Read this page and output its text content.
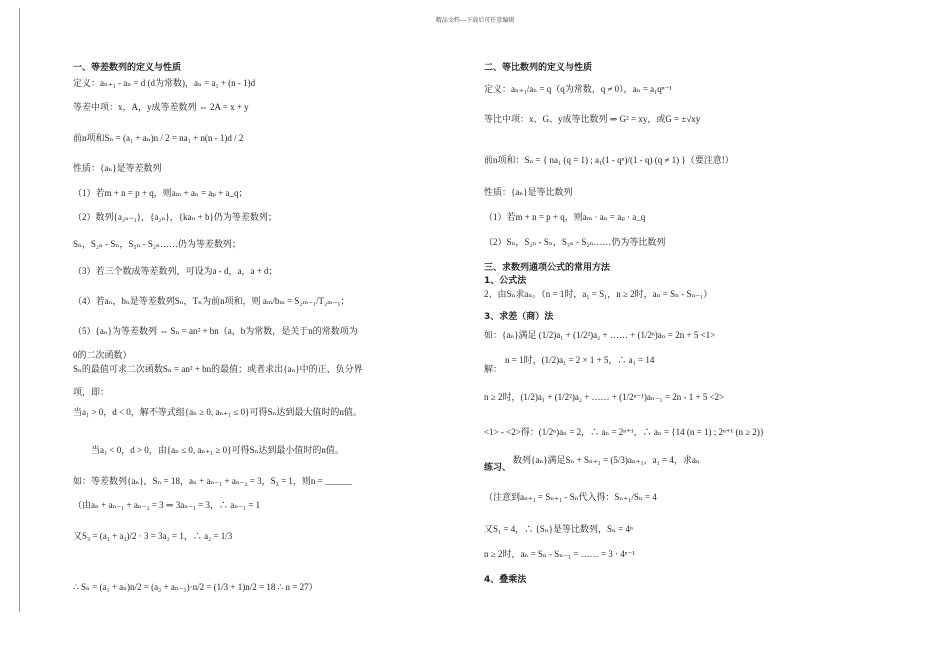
精品文档---下载后可任意编辑
一、等差数列的定义与性质
定义：aₙ₊₁ - aₙ = d (d为常数)，aₙ = a₁ + (n - 1)d
等差中项：x，A，y成等差数列 ⇔ 2A = x + y
前n项和Sₙ = (a₁ + aₙ)n / 2 = na₁ + n(n - 1)d / 2
性质：{aₙ}是等差数列
（1）若m + n = p + q，则aₘ + aₙ = aₚ + a_q；
（2）数列{a₂ₙ₋₁}，{a₂ₙ}，{kaₙ + b}仍为等差数列；
Sₙ，S₂ₙ - Sₙ，S₃ₙ - S₂ₙ……仍为等差数列；
（3）若三个数成等差数列，可设为a - d，a，a + d；
（4）若aₙ，bₙ是等差数列Sₙ，Tₙ为前n项和，则 aₘ/bₘ = S₂ₘ₋₁/T₂ₘ₋₁；
（5）{aₙ}为等差数列 ⇔ Sₙ = an² + bn（a，b为常数，是关于n的常数项为
0的二次函数）
Sₙ的最值可求二次函数Sₙ = an² + bn的最值；或者求出{aₙ}中的正、负分界
项，即：
当a₁ > 0，d < 0，解不等式组{aₙ ≥ 0, aₙ₊₁ ≤ 0}可得Sₙ达到最大值时的n值。
当a₁ < 0，d > 0，由{aₙ ≤ 0, aₙ₊₁ ≥ 0}可得Sₙ达到最小值时的n值。
如：等差数列{aₙ}，Sₙ = 18，aₙ + aₙ₋₁ + aₙ₋₂ = 3，S₃ = 1，则n = ______
（由aₙ + aₙ₋₁ + aₙ₋₂ = 3 ⇒ 3aₙ₋₁ = 3，∴ aₙ₋₁ = 1
又S₃ = (a₁ + a₃)/2 · 3 = 3a₂ = 1，∴ a₂ = 1/3
∴ Sₙ = (a₁ + aₙ)n/2 = (a₂ + aₙ₋₁)·n/2 = (1/3 + 1)n/2 = 18 ∴ n = 27）
二、等比数列的定义与性质
定义：aₙ₊₁/aₙ = q（q为常数，q ≠ 0），aₙ = a₁qⁿ⁻¹
等比中项：x、G、y成等比数列 ⇒ G² = xy，或G = ±√xy
前n项和：Sₙ = { na₁ (q = 1) ; a₁(1 - qⁿ)/(1 - q) (q ≠ 1) }（要注意!）
性质：{aₙ}是等比数列
（1）若m + n = p + q，则aₘ · aₙ = aₚ · a_q
（2）Sₙ，S₂ₙ - Sₙ，S₃ₙ - S₂ₙ……仍为等比数列
三、求数列通项公式的常用方法
1、公式法
2、由Sₙ求aₙ。（n = 1时，a₁ = S₁，n ≥ 2时，aₙ = Sₙ - Sₙ₋₁）
3、求差（商）法
如：{aₙ}满足 (1/2)a₁ + (1/2²)a₂ + …… + (1/2ⁿ)aₙ = 2n + 5 <1>
n = 1时，(1/2)a₁ = 2 × 1 + 5，∴ a₁ = 14
解：
n ≥ 2时，(1/2)a₁ + (1/2²)a₂ + …… + (1/2ⁿ⁻¹)aₙ₋₁ = 2n - 1 + 5 <2>
<1> - <2>得：(1/2ⁿ)aₙ = 2，∴ aₙ = 2ⁿ⁺¹，∴ aₙ = {14 (n = 1) ; 2ⁿ⁺¹ (n ≥ 2)}
练习、
数列{aₙ}满足Sₙ + Sₙ₊₁ = (5/3)aₙ₊₁，a₁ = 4，求aₙ
（注意到aₙ₊₁ = Sₙ₊₁ - Sₙ代入得：Sₙ₊₁/Sₙ = 4
又S₁ = 4，∴ {Sₙ}是等比数列，Sₙ = 4ⁿ
n ≥ 2时，aₙ = Sₙ - Sₙ₋₁ = …… = 3 · 4ⁿ⁻¹
4、叠乘法
